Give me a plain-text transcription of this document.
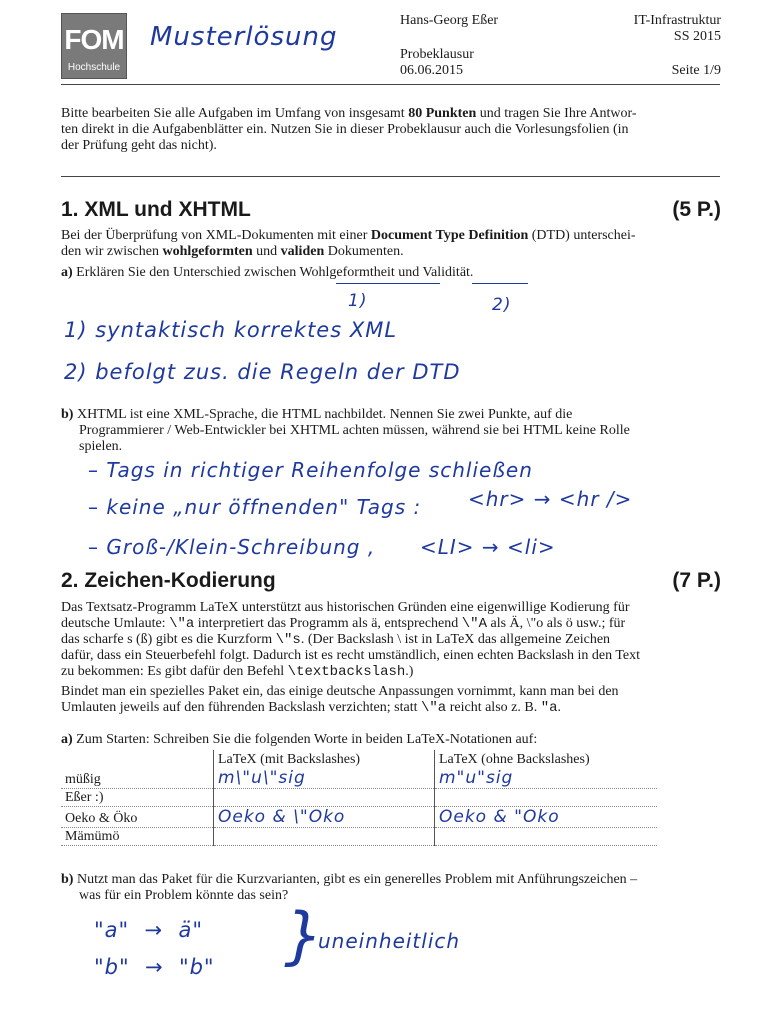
FOM
Hochschule
Musterlösung
Hans-Georg Eßer
Probeklausur
06.06.2015
IT-Infrastruktur
SS 2015
Seite 1/9
Bitte bearbeiten Sie alle Aufgaben im Umfang von insgesamt 80 Punkten und tragen Sie Ihre Antwor-
ten direkt in die Aufgabenblätter ein. Nutzen Sie in dieser Probeklausur auch die Vorlesungsfolien (in
der Prüfung geht das nicht).
1. XML und XHTML	(5 P.)
Bei der Überprüfung von XML-Dokumenten mit einer Document Type Definition (DTD) unterschei-
den wir zwischen wohlgeformten und validen Dokumenten.
a) Erklären Sie den Unterschied zwischen Wohlgeformtheit und Validität.
1)	2)
1) syntaktisch korrektes XML
2) befolgt zus. die Regeln der DTD
b) XHTML ist eine XML-Sprache, die HTML nachbildet. Nennen Sie zwei Punkte, auf die
Programmierer / Web-Entwickler bei XHTML achten müssen, während sie bei HTML keine Rolle
spielen.
– Tags in richtiger Reihenfolge schließen
– keine „nur öffnenden" Tags : <hr> → <hr />
– Groß-/Klein-Schreibung , <LI> → <li>
2. Zeichen-Kodierung	(7 P.)
Das Textsatz-Programm LaTeX unterstützt aus historischen Gründen eine eigenwillige Kodierung für
deutsche Umlaute: \"a interpretiert das Programm als ä, entsprechend \"A als Ä, \"o als ö usw.; für
das scharfe s (ß) gibt es die Kurzform \"s. (Der Backslash \ ist in LaTeX das allgemeine Zeichen
dafür, dass ein Steuerbefehl folgt. Dadurch ist es recht umständlich, einen echten Backslash in den Text
zu bekommen: Es gibt dafür den Befehl \textbackslash.)
Bindet man ein spezielles Paket ein, das einige deutsche Anpassungen vornimmt, kann man bei den
Umlauten jeweils auf den führenden Backslash verzichten; statt \"a reicht also z. B. "a.
a) Zum Starten: Schreiben Sie die folgenden Worte in beiden LaTeX-Notationen auf:
	LaTeX (mit Backslashes)	LaTeX (ohne Backslashes)
müßig	m\"u\"sig	m"u"sig
Eßer :)		
Oeko & Öko	Oeko & \"Oko	Oeko & "Oko
Mämümö		
b) Nutzt man das Paket für die Kurzvarianten, gibt es ein generelles Problem mit Anführungszeichen –
was für ein Problem könnte das sein?
"a"  →  ä"
"b"  →  "b" }
uneinheitlich
